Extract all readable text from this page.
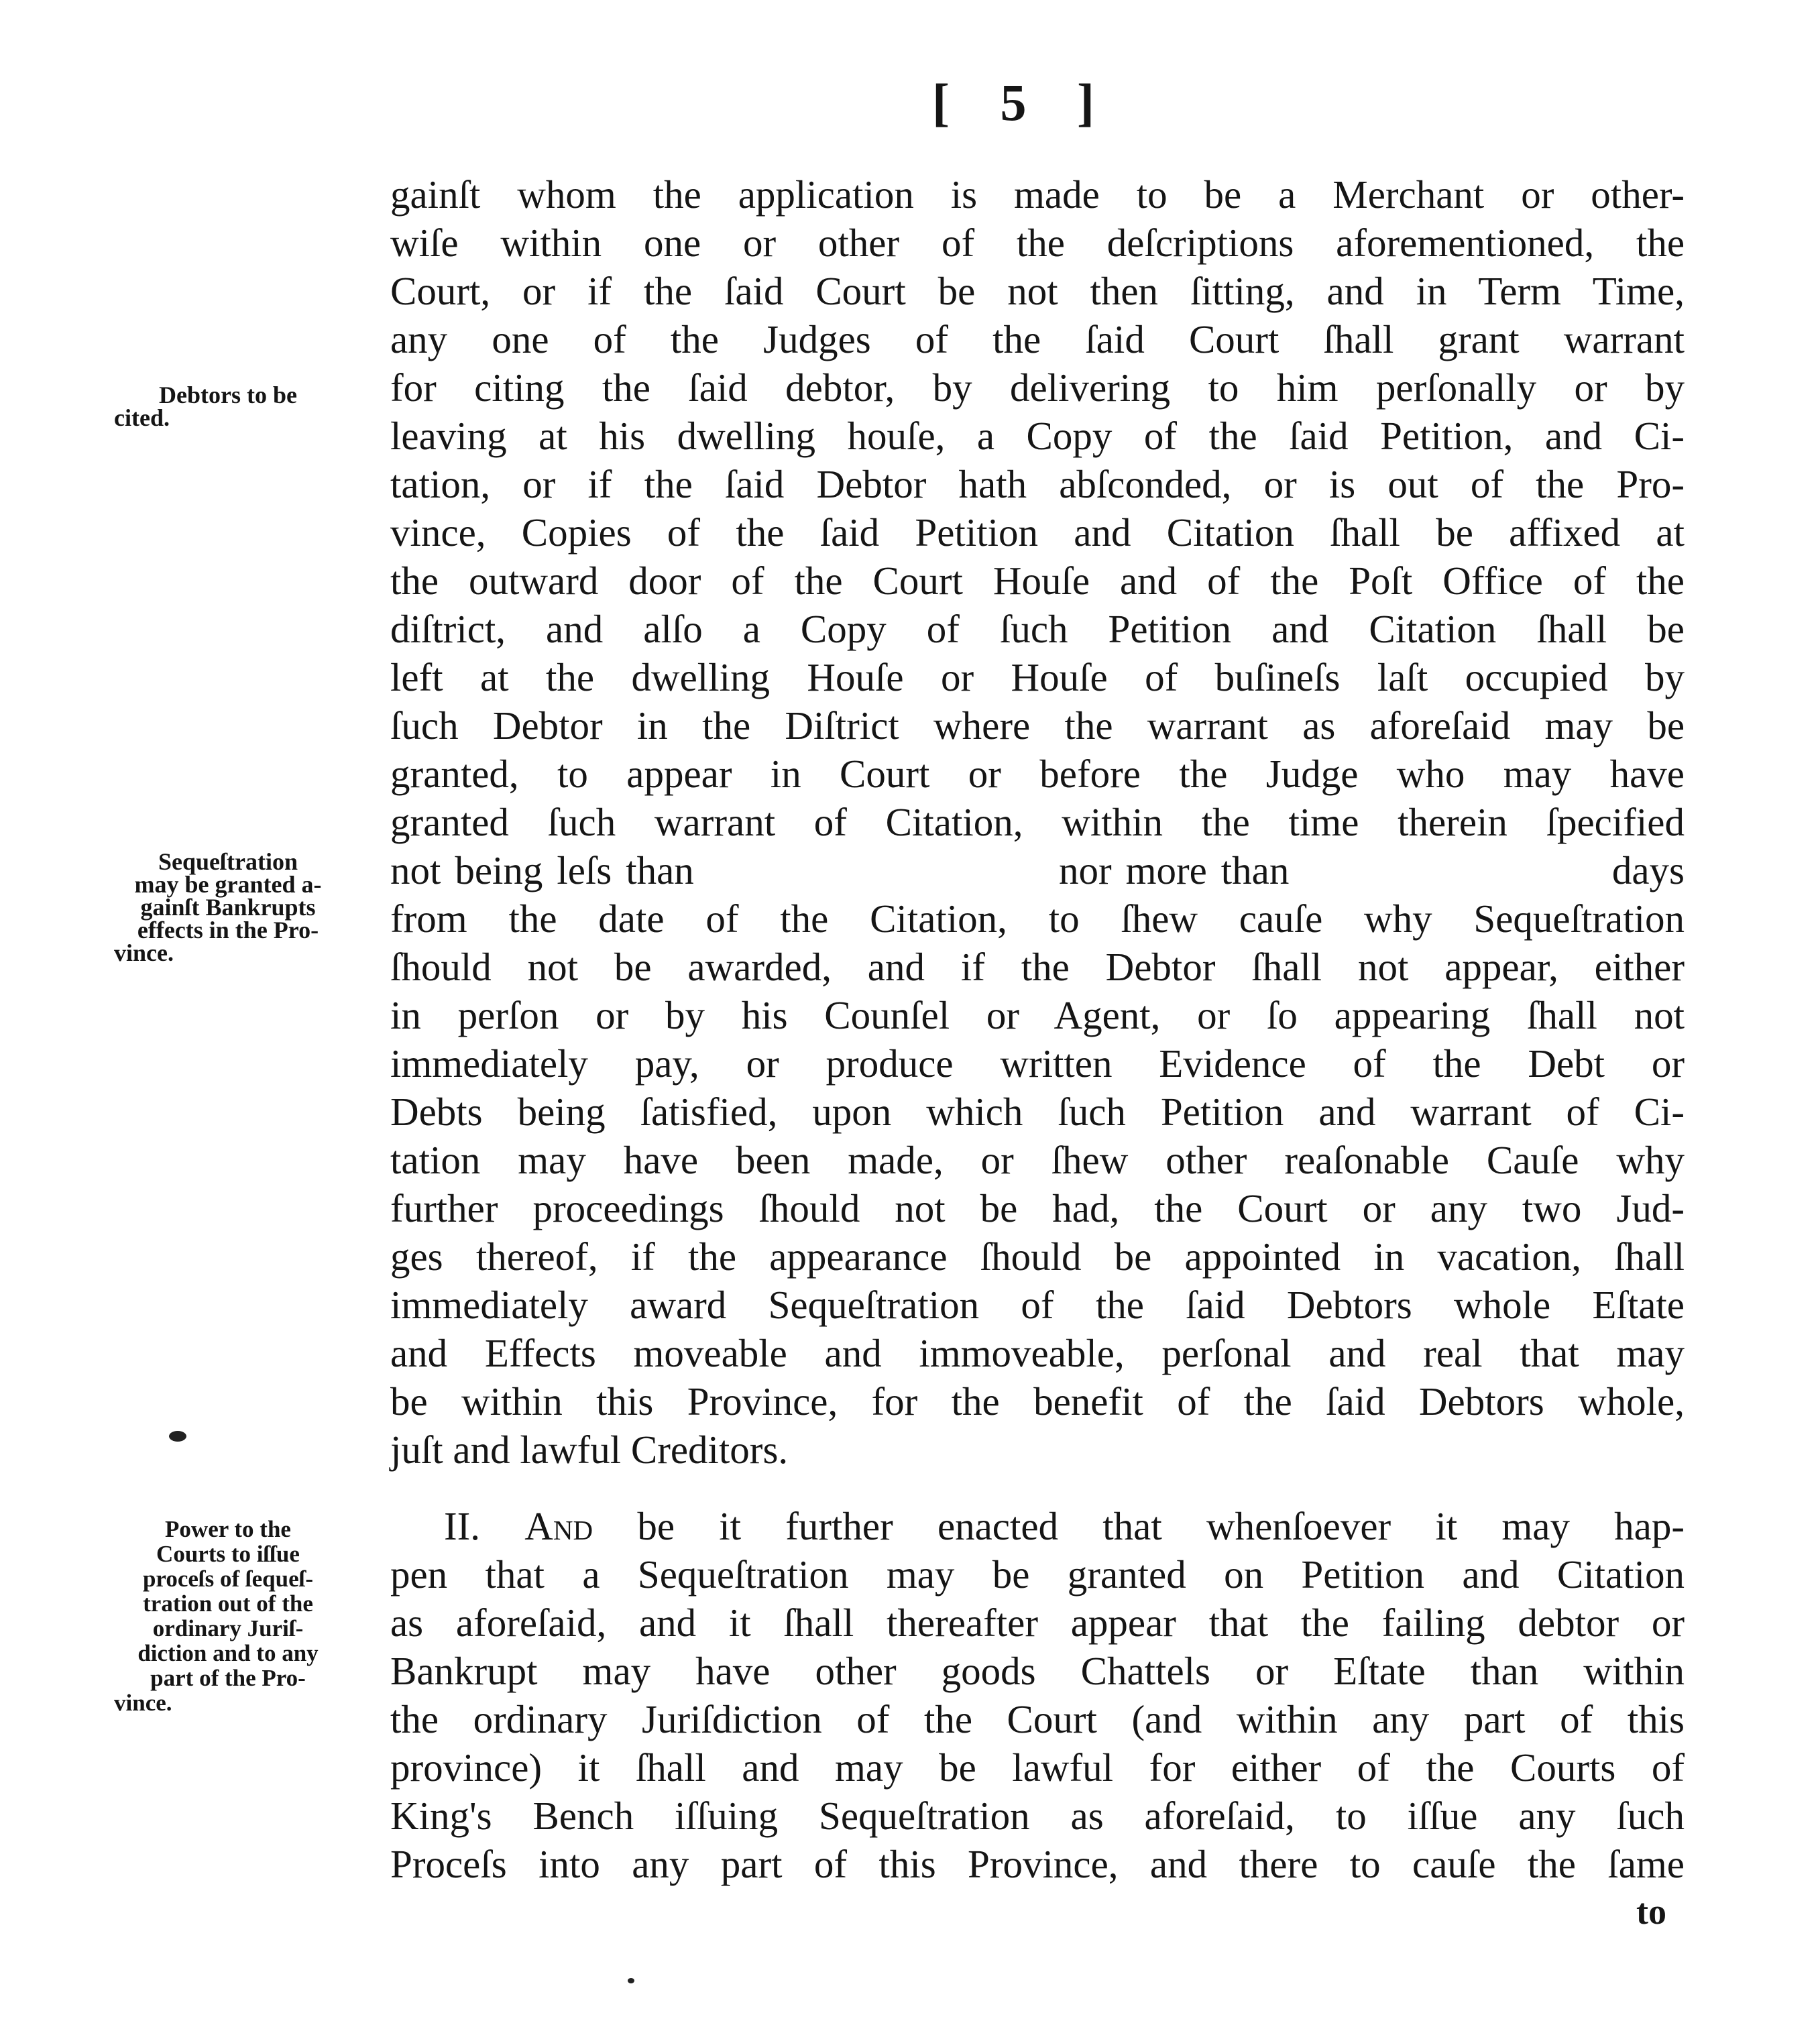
[ 5 ]
Debtors to be
cited.
Sequeſtration
may be granted a-
gainſt Bankrupts
effects in the Pro-
vince.
Power to the
Courts to iſſue
proceſs of ſequeſ-
tration out of the
ordinary Juriſ-
diction and to any
part of the Pro-
vince.
gainſt whom the application is made to be a Merchant or other-
wiſe within one or other of the deſcriptions aforementioned, the
Court, or if the ſaid Court be not then ſitting, and in Term Time,
any one of the Judges of the ſaid Court ſhall grant warrant
for citing the ſaid debtor, by delivering to him perſonally or by
leaving at his dwelling houſe, a Copy of the ſaid Petition, and Ci-
tation, or if the ſaid Debtor hath abſconded, or is out of the Pro-
vince, Copies of the ſaid Petition and Citation ſhall be affixed at
the outward door of the Court Houſe and of the Poſt Office of the
diſtrict, and alſo a Copy of ſuch Petition and Citation ſhall be
left at the dwelling Houſe or Houſe of buſineſs laſt occupied by
ſuch Debtor in the Diſtrict where the warrant as aforeſaid may be
granted, to appear in Court or before the Judge who may have
granted ſuch warrant of Citation, within the time therein ſpecified
not being leſs than                          nor more than                       days
from the date of the Citation, to ſhew cauſe why Sequeſtration
ſhould not be awarded, and if the Debtor ſhall not appear, either
in perſon or by his Counſel or Agent, or ſo appearing ſhall not
immediately pay, or produce written Evidence of the Debt or
Debts being ſatisfied, upon which ſuch Petition and warrant of Ci-
tation may have been made, or ſhew other reaſonable Cauſe why
further proceedings ſhould not be had, the Court or any two Jud-
ges thereof, if the appearance ſhould be appointed in vacation, ſhall
immediately award Sequeſtration of the ſaid Debtors whole Eſtate
and Effects moveable and immoveable, perſonal and real that may
be within this Province, for the benefit of the ſaid Debtors whole,
juſt and lawful Creditors.
II. And be it further enacted that whenſoever it may hap-
pen that a Sequeſtration may be granted on Petition and Citation
as aforeſaid, and it ſhall thereafter appear that the failing debtor or
Bankrupt may have other goods Chattels or Eſtate than within
the ordinary Juriſdiction of the Court (and within any part of this
province) it ſhall and may be lawful for either of the Courts of
King's Bench iſſuing Sequeſtration as aforeſaid, to iſſue any ſuch
Proceſs into any part of this Province, and there to cauſe the ſame
to
